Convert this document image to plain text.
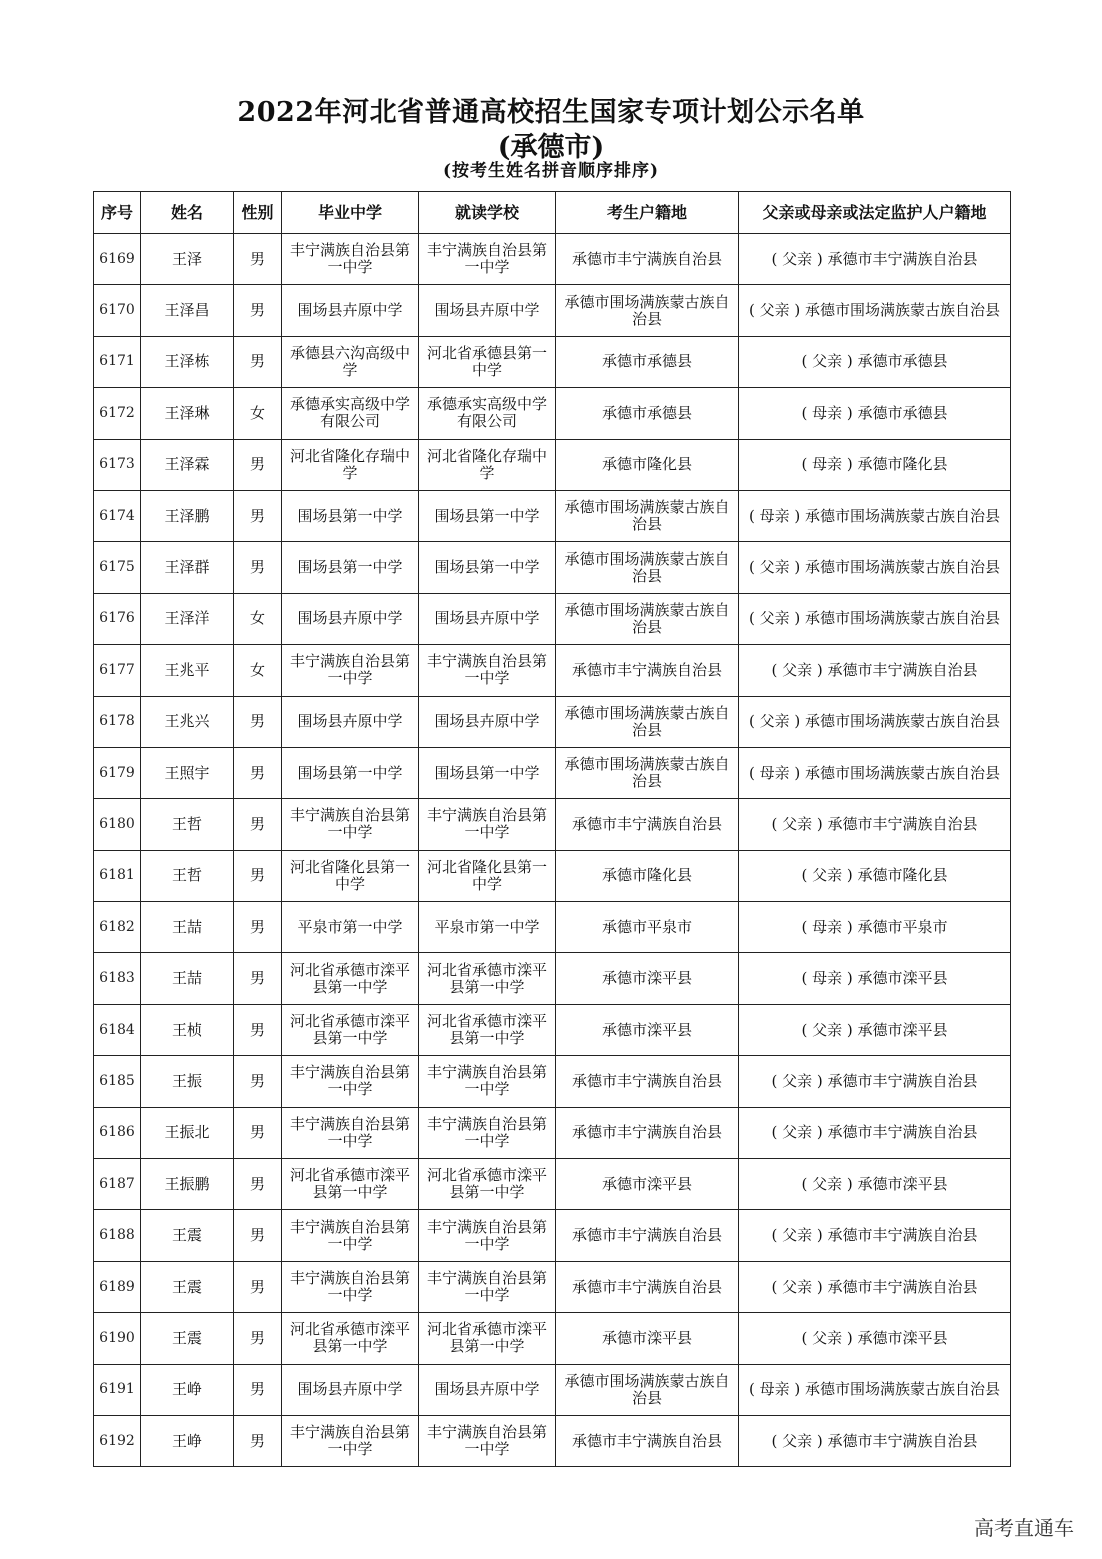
2022年河北省普通高校招生国家专项计划公示名单
(承德市)
(按考生姓名拼音顺序排序)
序号	姓名	性别	毕业中学	就读学校	考生户籍地	父亲或母亲或法定监护人户籍地
6169	王泽	男	丰宁满族自治县第一中学	丰宁满族自治县第一中学	承德市丰宁满族自治县	( 父亲 ) 承德市丰宁满族自治县
6170	王泽昌	男	围场县卉原中学	围场县卉原中学	承德市围场满族蒙古族自治县	( 父亲 ) 承德市围场满族蒙古族自治县
6171	王泽栋	男	承德县六沟高级中学	河北省承德县第一中学	承德市承德县	( 父亲 ) 承德市承德县
6172	王泽琳	女	承德承实高级中学有限公司	承德承实高级中学有限公司	承德市承德县	( 母亲 ) 承德市承德县
6173	王泽霖	男	河北省隆化存瑞中学	河北省隆化存瑞中学	承德市隆化县	( 母亲 ) 承德市隆化县
6174	王泽鹏	男	围场县第一中学	围场县第一中学	承德市围场满族蒙古族自治县	( 母亲 ) 承德市围场满族蒙古族自治县
6175	王泽群	男	围场县第一中学	围场县第一中学	承德市围场满族蒙古族自治县	( 父亲 ) 承德市围场满族蒙古族自治县
6176	王泽洋	女	围场县卉原中学	围场县卉原中学	承德市围场满族蒙古族自治县	( 父亲 ) 承德市围场满族蒙古族自治县
6177	王兆平	女	丰宁满族自治县第一中学	丰宁满族自治县第一中学	承德市丰宁满族自治县	( 父亲 ) 承德市丰宁满族自治县
6178	王兆兴	男	围场县卉原中学	围场县卉原中学	承德市围场满族蒙古族自治县	( 父亲 ) 承德市围场满族蒙古族自治县
6179	王照宇	男	围场县第一中学	围场县第一中学	承德市围场满族蒙古族自治县	( 母亲 ) 承德市围场满族蒙古族自治县
6180	王哲	男	丰宁满族自治县第一中学	丰宁满族自治县第一中学	承德市丰宁满族自治县	( 父亲 ) 承德市丰宁满族自治县
6181	王哲	男	河北省隆化县第一中学	河北省隆化县第一中学	承德市隆化县	( 父亲 ) 承德市隆化县
6182	王喆	男	平泉市第一中学	平泉市第一中学	承德市平泉市	( 母亲 ) 承德市平泉市
6183	王喆	男	河北省承德市滦平县第一中学	河北省承德市滦平县第一中学	承德市滦平县	( 母亲 ) 承德市滦平县
6184	王桢	男	河北省承德市滦平县第一中学	河北省承德市滦平县第一中学	承德市滦平县	( 父亲 ) 承德市滦平县
6185	王振	男	丰宁满族自治县第一中学	丰宁满族自治县第一中学	承德市丰宁满族自治县	( 父亲 ) 承德市丰宁满族自治县
6186	王振北	男	丰宁满族自治县第一中学	丰宁满族自治县第一中学	承德市丰宁满族自治县	( 父亲 ) 承德市丰宁满族自治县
6187	王振鹏	男	河北省承德市滦平县第一中学	河北省承德市滦平县第一中学	承德市滦平县	( 父亲 ) 承德市滦平县
6188	王震	男	丰宁满族自治县第一中学	丰宁满族自治县第一中学	承德市丰宁满族自治县	( 父亲 ) 承德市丰宁满族自治县
6189	王震	男	丰宁满族自治县第一中学	丰宁满族自治县第一中学	承德市丰宁满族自治县	( 父亲 ) 承德市丰宁满族自治县
6190	王震	男	河北省承德市滦平县第一中学	河北省承德市滦平县第一中学	承德市滦平县	( 父亲 ) 承德市滦平县
6191	王峥	男	围场县卉原中学	围场县卉原中学	承德市围场满族蒙古族自治县	( 母亲 ) 承德市围场满族蒙古族自治县
6192	王峥	男	丰宁满族自治县第一中学	丰宁满族自治县第一中学	承德市丰宁满族自治县	( 父亲 ) 承德市丰宁满族自治县
高考直通车
